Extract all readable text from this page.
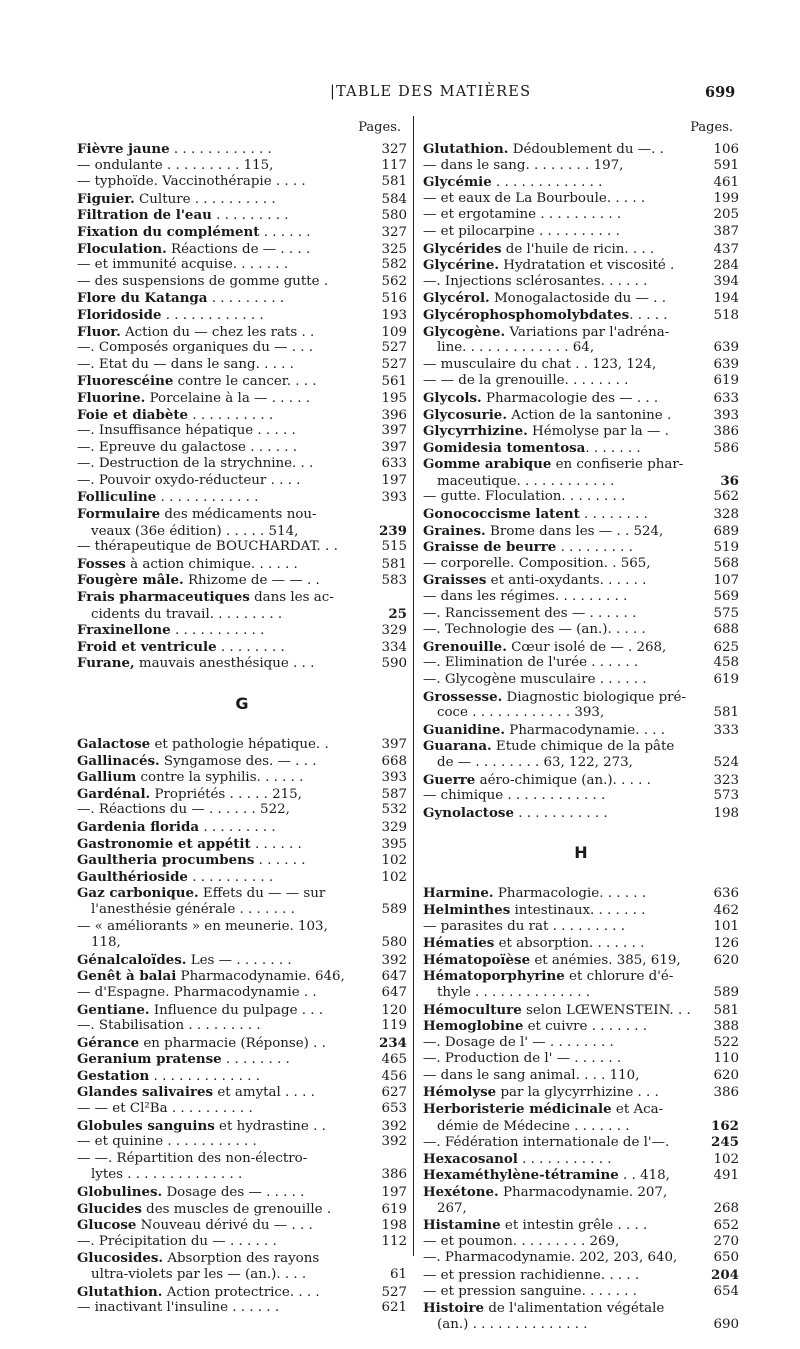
|TABLE DES MATIÈRES	699
Pages.
Fièvre jaune . . . . . . . . . . . .	327
— ondulante . . . . . . . . . 115,	117
— typhoïde. Vaccinothérapie . . . .	581
Figuier. Culture . . . . . . . . . .	584
Filtration de l'eau . . . . . . . . .	580
Fixation du complément . . . . . .	327
Floculation. Réactions de — . . . .	325
— et immunité acquise. . . . . . .	582
— des suspensions de gomme gutte .	562
Flore du Katanga . . . . . . . . .	516
Floridoside . . . . . . . . . . . .	193
Fluor. Action du — chez les rats . .	109
—. Composés organiques du — . . .	527
—. Etat du — dans le sang. . . . .	527
Fluorescéine contre le cancer. . . .	561
Fluorine. Porcelaine à la — . . . . .	195
Foie et diabète . . . . . . . . . .	396
—. Insuffisance hépatique . . . . .	397
—. Epreuve du galactose . . . . . .	397
—. Destruction de la strychnine. . .	633
—. Pouvoir oxydo-réducteur . . . .	197
Folliculine . . . . . . . . . . . .	393
Formulaire des médicaments nou-
veaux (36e édition) . . . . . 514,	239
— thérapeutique de BOUCHARDAT. . .	515
Fosses à action chimique. . . . . .	581
Fougère mâle. Rhizome de — — . .	583
Frais pharmaceutiques dans les ac-
cidents du travail. . . . . . . . .	25
Fraxinellone . . . . . . . . . . .	329
Froid et ventricule . . . . . . . .	334
Furane, mauvais anesthésique . . .	590
G
Galactose et pathologie hépatique. .	397
Gallinacés. Syngamose des. — . . .	668
Gallium contre la syphilis. . . . . .	393
Gardénal. Propriétés . . . . . 215,	587
—. Réactions du — . . . . . . 522,	532
Gardenia florida . . . . . . . . .	329
Gastronomie et appétit . . . . . .	395
Gaultheria procumbens . . . . . .	102
Gaulthérioside . . . . . . . . . .	102
Gaz carbonique. Effets du — — sur
l'anesthésie générale . . . . . . .	589
— « améliorants » en meunerie. 103,
118,	580
Génalcaloïdes. Les — . . . . . . .	392
Genêt à balai Pharmacodynamie. 646,	647
— d'Espagne. Pharmacodynamie . .	647
Gentiane. Influence du pulpage . . .	120
—. Stabilisation . . . . . . . . .	119
Gérance en pharmacie (Réponse) . .	234
Geranium pratense . . . . . . . .	465
Gestation . . . . . . . . . . . . .	456
Glandes salivaires et amytal . . . .	627
— — et Cl²Ba . . . . . . . . . .	653
Globules sanguins et hydrastine . .	392
— et quinine . . . . . . . . . . .	392
— —. Répartition des non-électro-
lytes . . . . . . . . . . . . . .	386
Globulines. Dosage des — . . . . .	197
Glucides des muscles de grenouille .	619
Glucose Nouveau dérivé du — . . .	198
—. Précipitation du — . . . . . .	112
Glucosides. Absorption des rayons
ultra-violets par les — (an.). . . .	61
Glutathion. Action protectrice. . . .	527
— inactivant l'insuline . . . . . .	621
Pages.
Glutathion. Dédoublement du —. .	106
— dans le sang. . . . . . . . 197,	591
Glycémie . . . . . . . . . . . . .	461
— et eaux de La Bourboule. . . . .	199
— et ergotamine . . . . . . . . . .	205
— et pilocarpine . . . . . . . . . .	387
Glycérides de l'huile de ricin. . . .	437
Glycérine. Hydratation et viscosité .	284
—. Injections sclérosantes. . . . . .	394
Glycérol. Monogalactoside du — . .	194
Glycérophosphomolybdates. . . . .	518
Glycogène. Variations par l'adréna-
line. . . . . . . . . . . . . 64,	639
— musculaire du chat . . 123, 124,	639
— — de la grenouille. . . . . . . .	619
Glycols. Pharmacologie des — . . .	633
Glycosurie. Action de la santonine .	393
Glycyrrhizine. Hémolyse par la — .	386
Gomidesia tomentosa. . . . . . .	586
Gomme arabique en confiserie phar-
maceutique. . . . . . . . . . . .	36
— gutte. Floculation. . . . . . . .	562
Gonococcisme latent . . . . . . . .	328
Graines. Brome dans les — . . 524,	689
Graisse de beurre . . . . . . . . .	519
— corporelle. Composition. . 565,	568
Graisses et anti-oxydants. . . . . .	107
— dans les régimes. . . . . . . . .	569
—. Rancissement des — . . . . . .	575
—. Technologie des — (an.). . . . .	688
Grenouille. Cœur isolé de — . 268,	625
—. Elimination de l'urée . . . . . .	458
—. Glycogène musculaire . . . . . .	619
Grossesse. Diagnostic biologique pré-
coce . . . . . . . . . . . . 393,	581
Guanidine. Pharmacodynamie. . . .	333
Guarana. Etude chimique de la pâte
de — . . . . . . . . 63, 122, 273,	524
Guerre aéro-chimique (an.). . . . .	323
— chimique . . . . . . . . . . . .	573
Gynolactose . . . . . . . . . . .	198
H
Harmine. Pharmacologie. . . . . .	636
Helminthes intestinaux. . . . . . .	462
— parasites du rat . . . . . . . . .	101
Hématies et absorption. . . . . . .	126
Hématopoïèse et anémies. 385, 619,	620
Hématoporphyrine et chlorure d'é-
thyle . . . . . . . . . . . . . .	589
Hémoculture selon LŒWENSTEIN. . .	581
Hemoglobine et cuivre . . . . . . .	388
—. Dosage de l' — . . . . . . . .	522
—. Production de l' — . . . . . .	110
— dans le sang animal. . . . 110,	620
Hémolyse par la glycyrrhizine . . .	386
Herboristerie médicinale et Aca-
démie de Médecine . . . . . . .	162
—. Fédération internationale de l'—.	245
Hexacosanol . . . . . . . . . . .	102
Hexaméthylène-tétramine . . 418,	491
Hexétone. Pharmacodynamie. 207,
267,	268
Histamine et intestin grêle . . . .	652
— et poumon. . . . . . . . . 269,	270
—. Pharmacodynamie. 202, 203, 640,	650
— et pression rachidienne. . . . .	204
— et pression sanguine. . . . . . .	654
Histoire de l'alimentation végétale
(an.) . . . . . . . . . . . . . .	690
